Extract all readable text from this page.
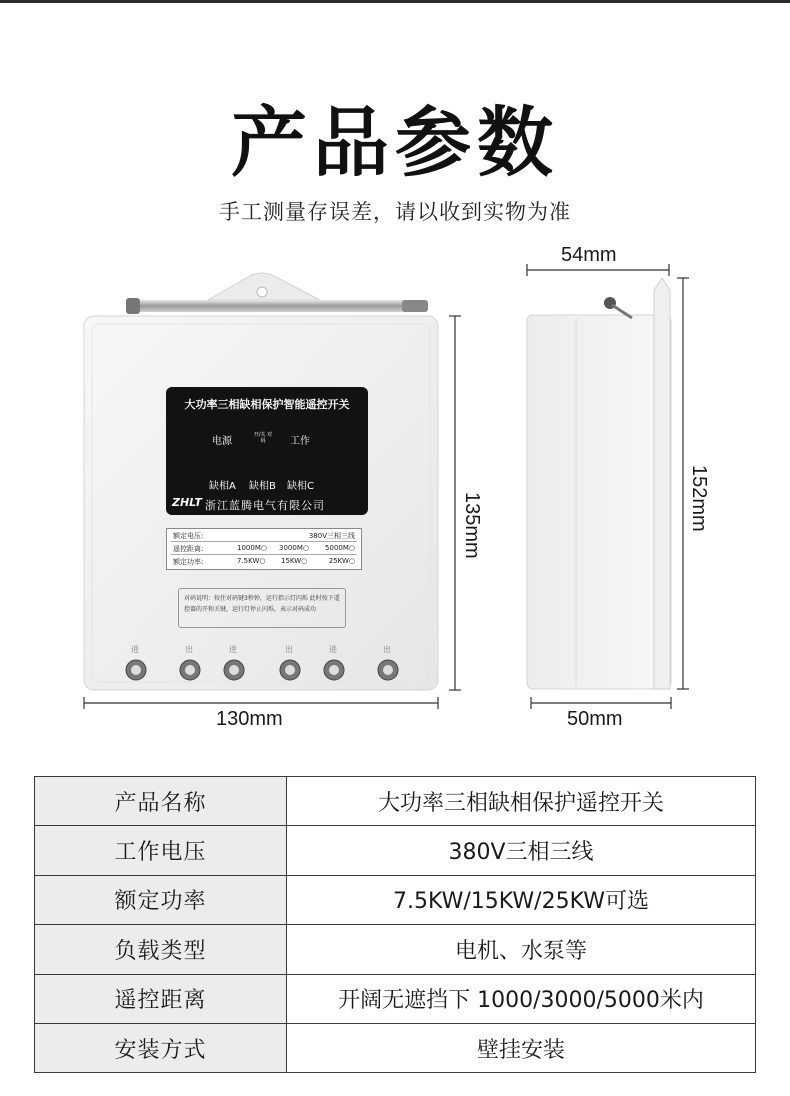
产品参数
手工测量存误差，请以收到实物为准
大功率三相缺相保护智能遥控开关
电源
开/关 对码	工作
缺相A 缺相B 缺相C
ZHLT 浙江蓝腾电气有限公司
额定电压:	380V三相三线
遥控距离:	1000M○ 3000M○ 5000M○
额定功率:	7.5KW○ 15KW○	25KW○
对码说明：按住对码键3秒钟，运行指示灯闪烁 此时按下遥控器的开和关键，运行灯停止闪烁，表示对码成功
进	出	进	出	进	出
130mm
135mm
54mm
50mm
152mm
产品名称	大功率三相缺相保护遥控开关
工作电压	380V三相三线
额定功率	7.5KW/15KW/25KW可选
负载类型	电机、水泵等
遥控距离	开阔无遮挡下 1000/3000/5000米内
安装方式	壁挂安装
